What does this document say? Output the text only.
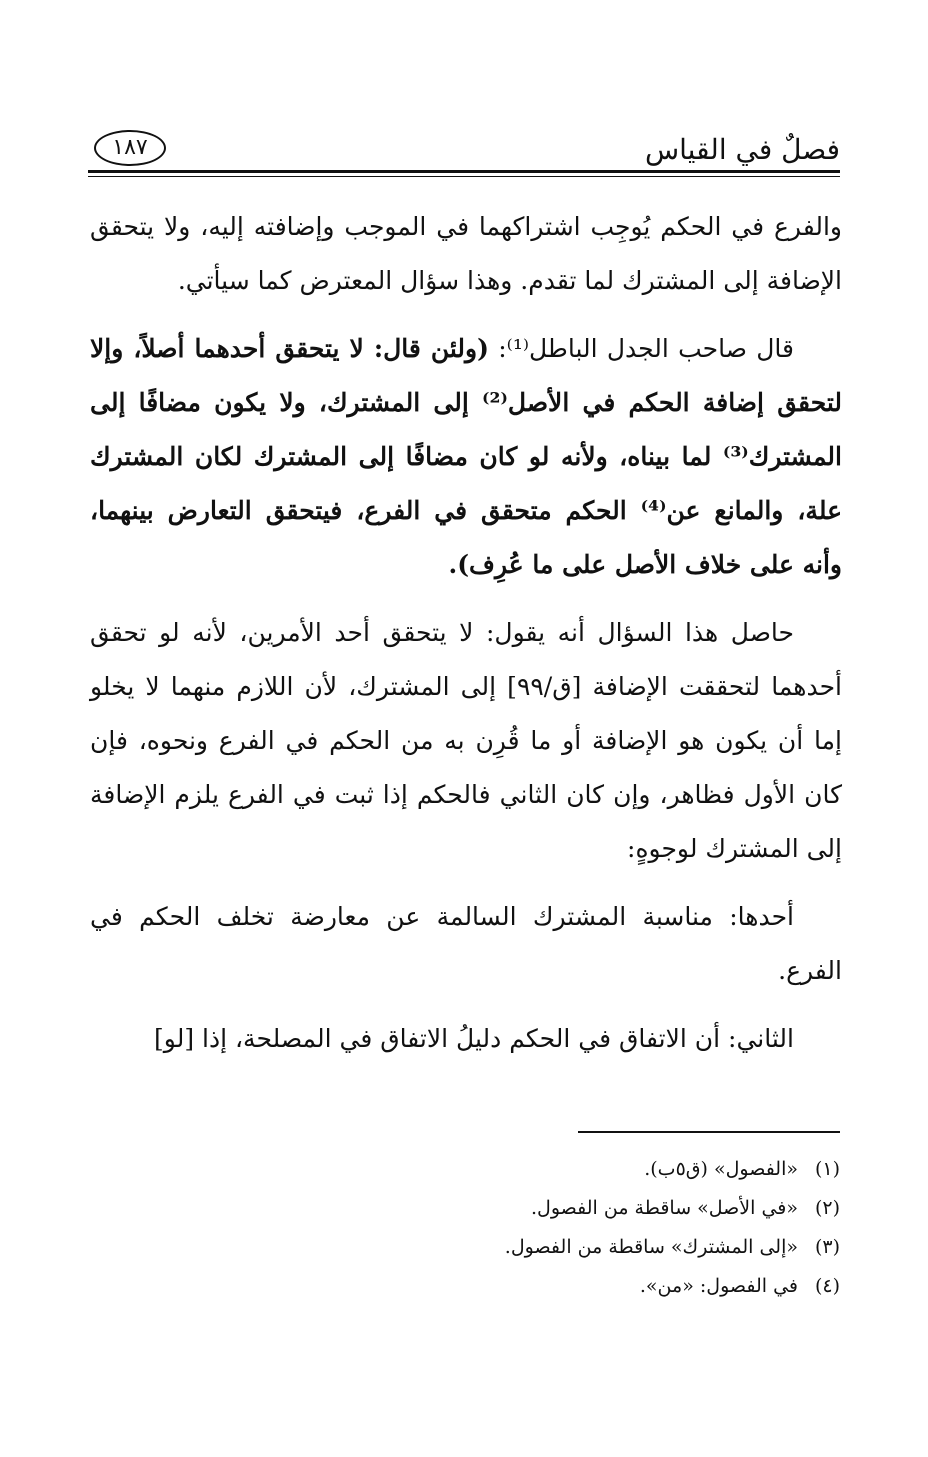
فصلٌ في القياس
١٨٧

والفرع في الحكم يُوجِب اشتراكهما في الموجب وإضافته إليه، ولا يتحقق الإضافة إلى المشترك لما تقدم. وهذا سؤال المعترض كما سيأتي.

قال صاحب الجدل الباطل⁽¹⁾: (ولئن قال: لا يتحقق أحدهما أصلاً، وإلا لتحقق إضافة الحكم في الأصل⁽²⁾ إلى المشترك، ولا يكون مضافًا إلى المشترك⁽³⁾ لما بيناه، ولأنه لو كان مضافًا إلى المشترك لكان المشترك علة، والمانع عن⁽⁴⁾ الحكم متحقق في الفرع، فيتحقق التعارض بينهما، وأنه على خلاف الأصل على ما عُرِف).

حاصل هذا السؤال أنه يقول: لا يتحقق أحد الأمرين، لأنه لو تحقق أحدهما لتحققت الإضافة [ق/٩٩] إلى المشترك، لأن اللازم منهما لا يخلو إما أن يكون هو الإضافة أو ما قُرِن به من الحكم في الفرع ونحوه، فإن كان الأول فظاهر، وإن كان الثاني فالحكم إذا ثبت في الفرع يلزم الإضافة إلى المشترك لوجوهٍ:

أحدها: مناسبة المشترك السالمة عن معارضة تخلف الحكم في الفرع.

الثاني: أن الاتفاق في الحكم دليلُ الاتفاق في المصلحة، إذا [لو]

(١)«الفصول» (ق٥ب).

(٢)«في الأصل» ساقطة من الفصول.

(٣)«إلى المشترك» ساقطة من الفصول.

(٤)في الفصول: «من».
